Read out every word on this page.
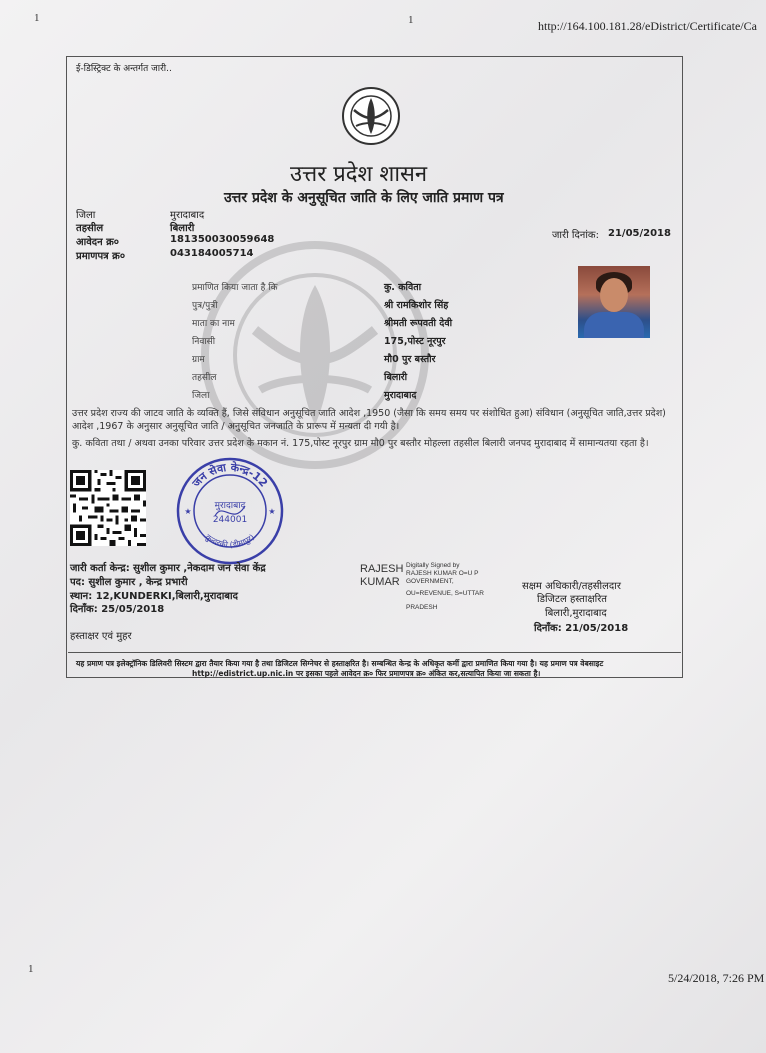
1	1	http://164.100.181.28/eDistrict/Certificate/Ca
ई-डिस्ट्रिक्ट के अन्तर्गत जारी..
उत्तर प्रदेश शासन
उत्तर प्रदेश के अनुसूचित जाति के लिए जाति प्रमाण पत्र
जिला	मुरादाबाद
तहसील	बिलारी
आवेदन क्र०	181350030059648
प्रमाणपत्र क्र०	043184005714
जारी दिनांक: 21/05/2018
प्रमाणित किया जाता है कि	कु. कविता
पुत्र/पुत्री	श्री रामकिशोर सिंह
माता का नाम	श्रीमती रूपवती देवी
निवासी	175,पोस्ट नूरपुर
ग्राम	मौ0 पुर बस्तौर
तहसील	बिलारी
जिला	मुरादाबाद
उत्तर प्रदेश राज्य की जाटव जाति के व्यक्ति हैं, जिसे संविधान अनुसूचित जाति आदेश ,1950 (जैसा कि समय समय पर संशोधित हुआ) संविधान (अनुसूचित जाति,उत्तर प्रदेश) आदेश ,1967 के अनुसार अनुसूचित जाति / अनुसूचित जनजाति के प्रारूप में मन्यता दी गयी है।
कु. कविता तथा / अथवा उनका परिवार उत्तर प्रदेश के मकान नं. 175,पोस्ट नूरपुर ग्राम मौ0 पुर बस्तौर मोहल्ला तहसील बिलारी जनपद मुरादाबाद में सामान्यतया रहता है।
जन सेवा केन्द्र-12
कुन्दरकी (डीमापुर)
मुरादाबाद
244001
★	★
जारी कर्ता केन्द्र: सुशील कुमार ,नेकदाम जन सेवा केंद्र
पद: सुशील कुमार , केन्द्र प्रभारी
स्थान: 12,KUNDERKI,बिलारी,मुरादाबाद
दिनाँक: 25/05/2018
हस्ताक्षर एवं मुहर
RAJESH
KUMAR
Digitally Signed by
RAJESH KUMAR O=U P
GOVERNMENT,
OU=REVENUE, S=UTTAR
PRADESH
सक्षम अधिकारी/तहसीलदार
डिजिटल हस्ताक्षरित
बिलारी,मुरादाबाद
दिनाँक: 21/05/2018
यह प्रमाण पत्र इलेक्ट्रॉनिक डिलिवरी सिस्टम द्वारा तैयार किया गया है तथा डिजिटल सिग्नेचर से हस्ताक्षरित है। सम्बन्धित केन्द्र के अधिकृत कर्मी द्वारा प्रमाणित किया गया है। यह प्रमाण पत्र वेबसाइट
http://edistrict.up.nic.in पर इसका पहले आवेदन क्र० फिर प्रमाणपत्र क्र० अंकित कर,सत्यापित किया जा सकता है।
1
5/24/2018, 7:26 PM
